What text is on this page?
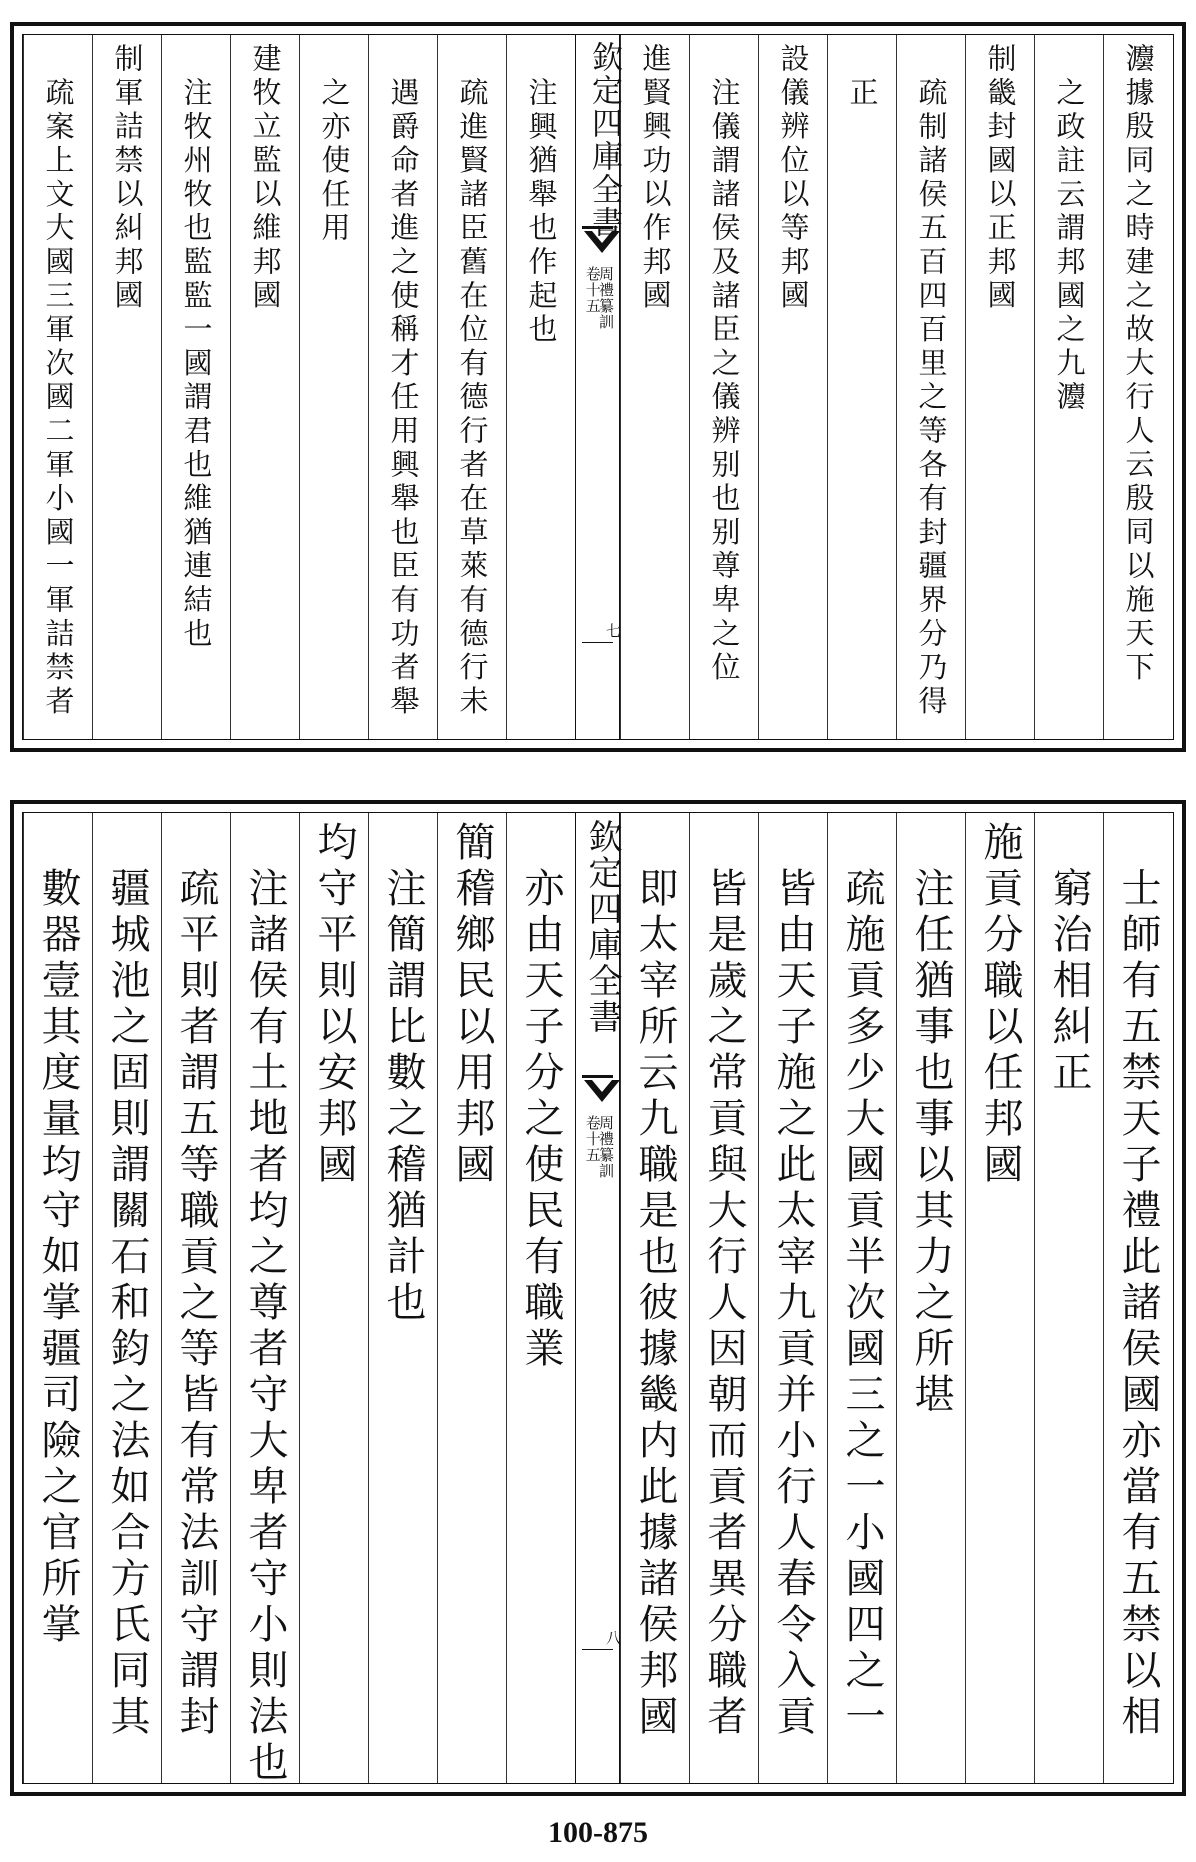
灋據殷同之時建之故大行人云殷同以施天下
之政註云謂邦國之九灋
制畿封國以正邦國
疏制諸侯五百四百里之等各有封疆界分乃得
正
設儀辨位以等邦國
注儀謂諸侯及諸臣之儀辨别也别尊卑之位
進賢興功以作邦國
注興猶舉也作起也
疏進賢諸臣舊在位有德行者在草萊有德行未
遇爵命者進之使稱才任用興舉也臣有功者舉
之亦使任用
建牧立監以維邦國
注牧州牧也監監一國謂君也維猶連結也
制軍詰禁以糾邦國
疏案上文大國三軍次國二軍小國一軍詰禁者	欽定四庫全書
周禮纂訓
卷十五
七
士師有五禁天子禮此諸侯國亦當有五禁以相
窮治相糾正
施貢分職以任邦國
注任猶事也事以其力之所堪
疏施貢多少大國貢半次國三之一小國四之一
皆由天子施之此太宰九貢并小行人春令入貢
皆是歲之常貢與大行人因朝而貢者異分職者
即太宰所云九職是也彼據畿内此據諸侯邦國
亦由天子分之使民有職業
簡稽鄉民以用邦國
注簡謂比數之稽猶計也
均守平則以安邦國
注諸侯有土地者均之尊者守大卑者守小則法也
疏平則者謂五等職貢之等皆有常法訓守謂封
疆城池之固則謂關石和鈞之法如合方氏同其
數器壹其度量均守如掌疆司險之官所掌	欽定四庫全書
周禮纂訓
卷十五
八
100-875
